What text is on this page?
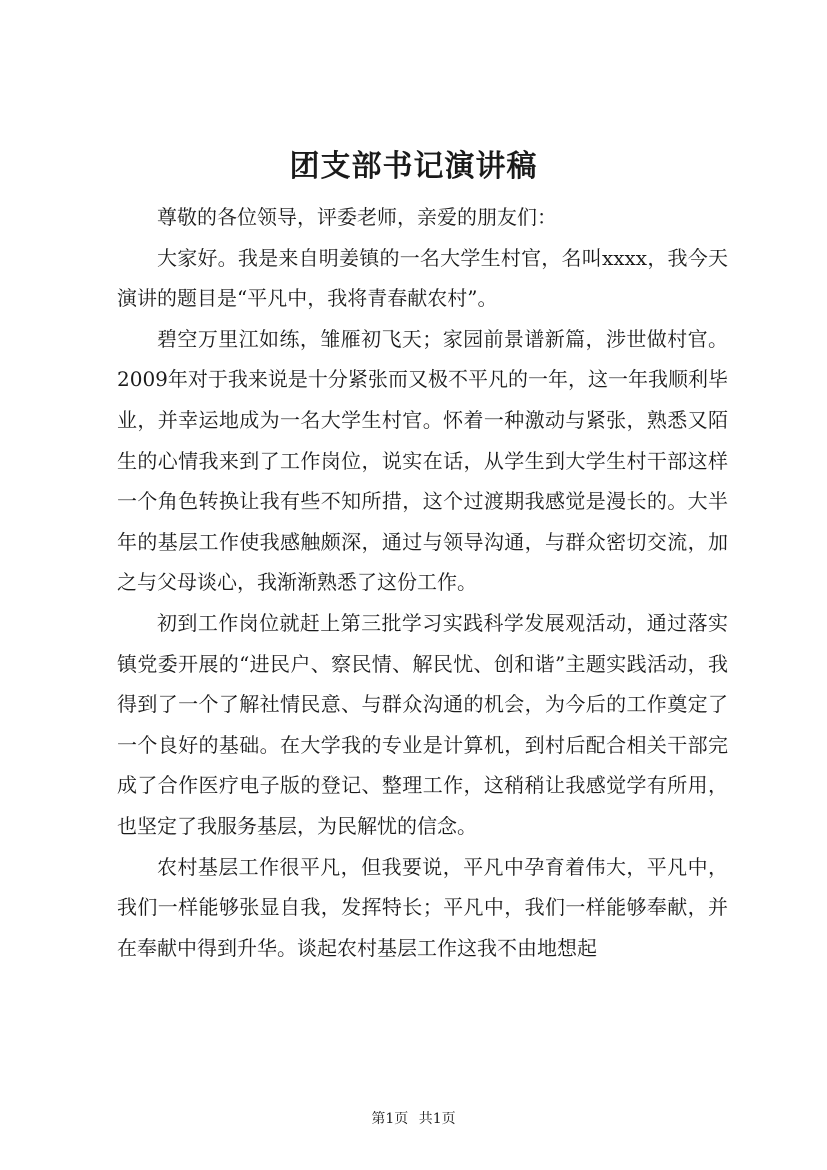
团支部书记演讲稿

尊敬的各位领导，评委老师，亲爱的朋友们：

大家好。我是来自明姜镇的一名大学生村官，名叫xxxx，我今天演讲的题目是“平凡中，我将青春献农村”。

碧空万里江如练，雏雁初飞天；家园前景谱新篇，涉世做村官。2009年对于我来说是十分紧张而又极不平凡的一年，这一年我顺利毕业，并幸运地成为一名大学生村官。怀着一种激动与紧张，熟悉又陌生的心情我来到了工作岗位，说实在话，从学生到大学生村干部这样一个角色转换让我有些不知所措，这个过渡期我感觉是漫长的。大半年的基层工作使我感触颇深，通过与领导沟通，与群众密切交流，加之与父母谈心，我渐渐熟悉了这份工作。

初到工作岗位就赶上第三批学习实践科学发展观活动，通过落实镇党委开展的“进民户、察民情、解民忧、创和谐”主题实践活动，我得到了一个了解社情民意、与群众沟通的机会，为今后的工作奠定了一个良好的基础。在大学我的专业是计算机，到村后配合相关干部完成了合作医疗电子版的登记、整理工作，这稍稍让我感觉学有所用，也坚定了我服务基层，为民解忧的信念。

农村基层工作很平凡，但我要说，平凡中孕育着伟大，平凡中，我们一样能够张显自我，发挥特长；平凡中，我们一样能够奉献，并在奉献中得到升华。谈起农村基层工作这我不由地想起

第1页 共1页
